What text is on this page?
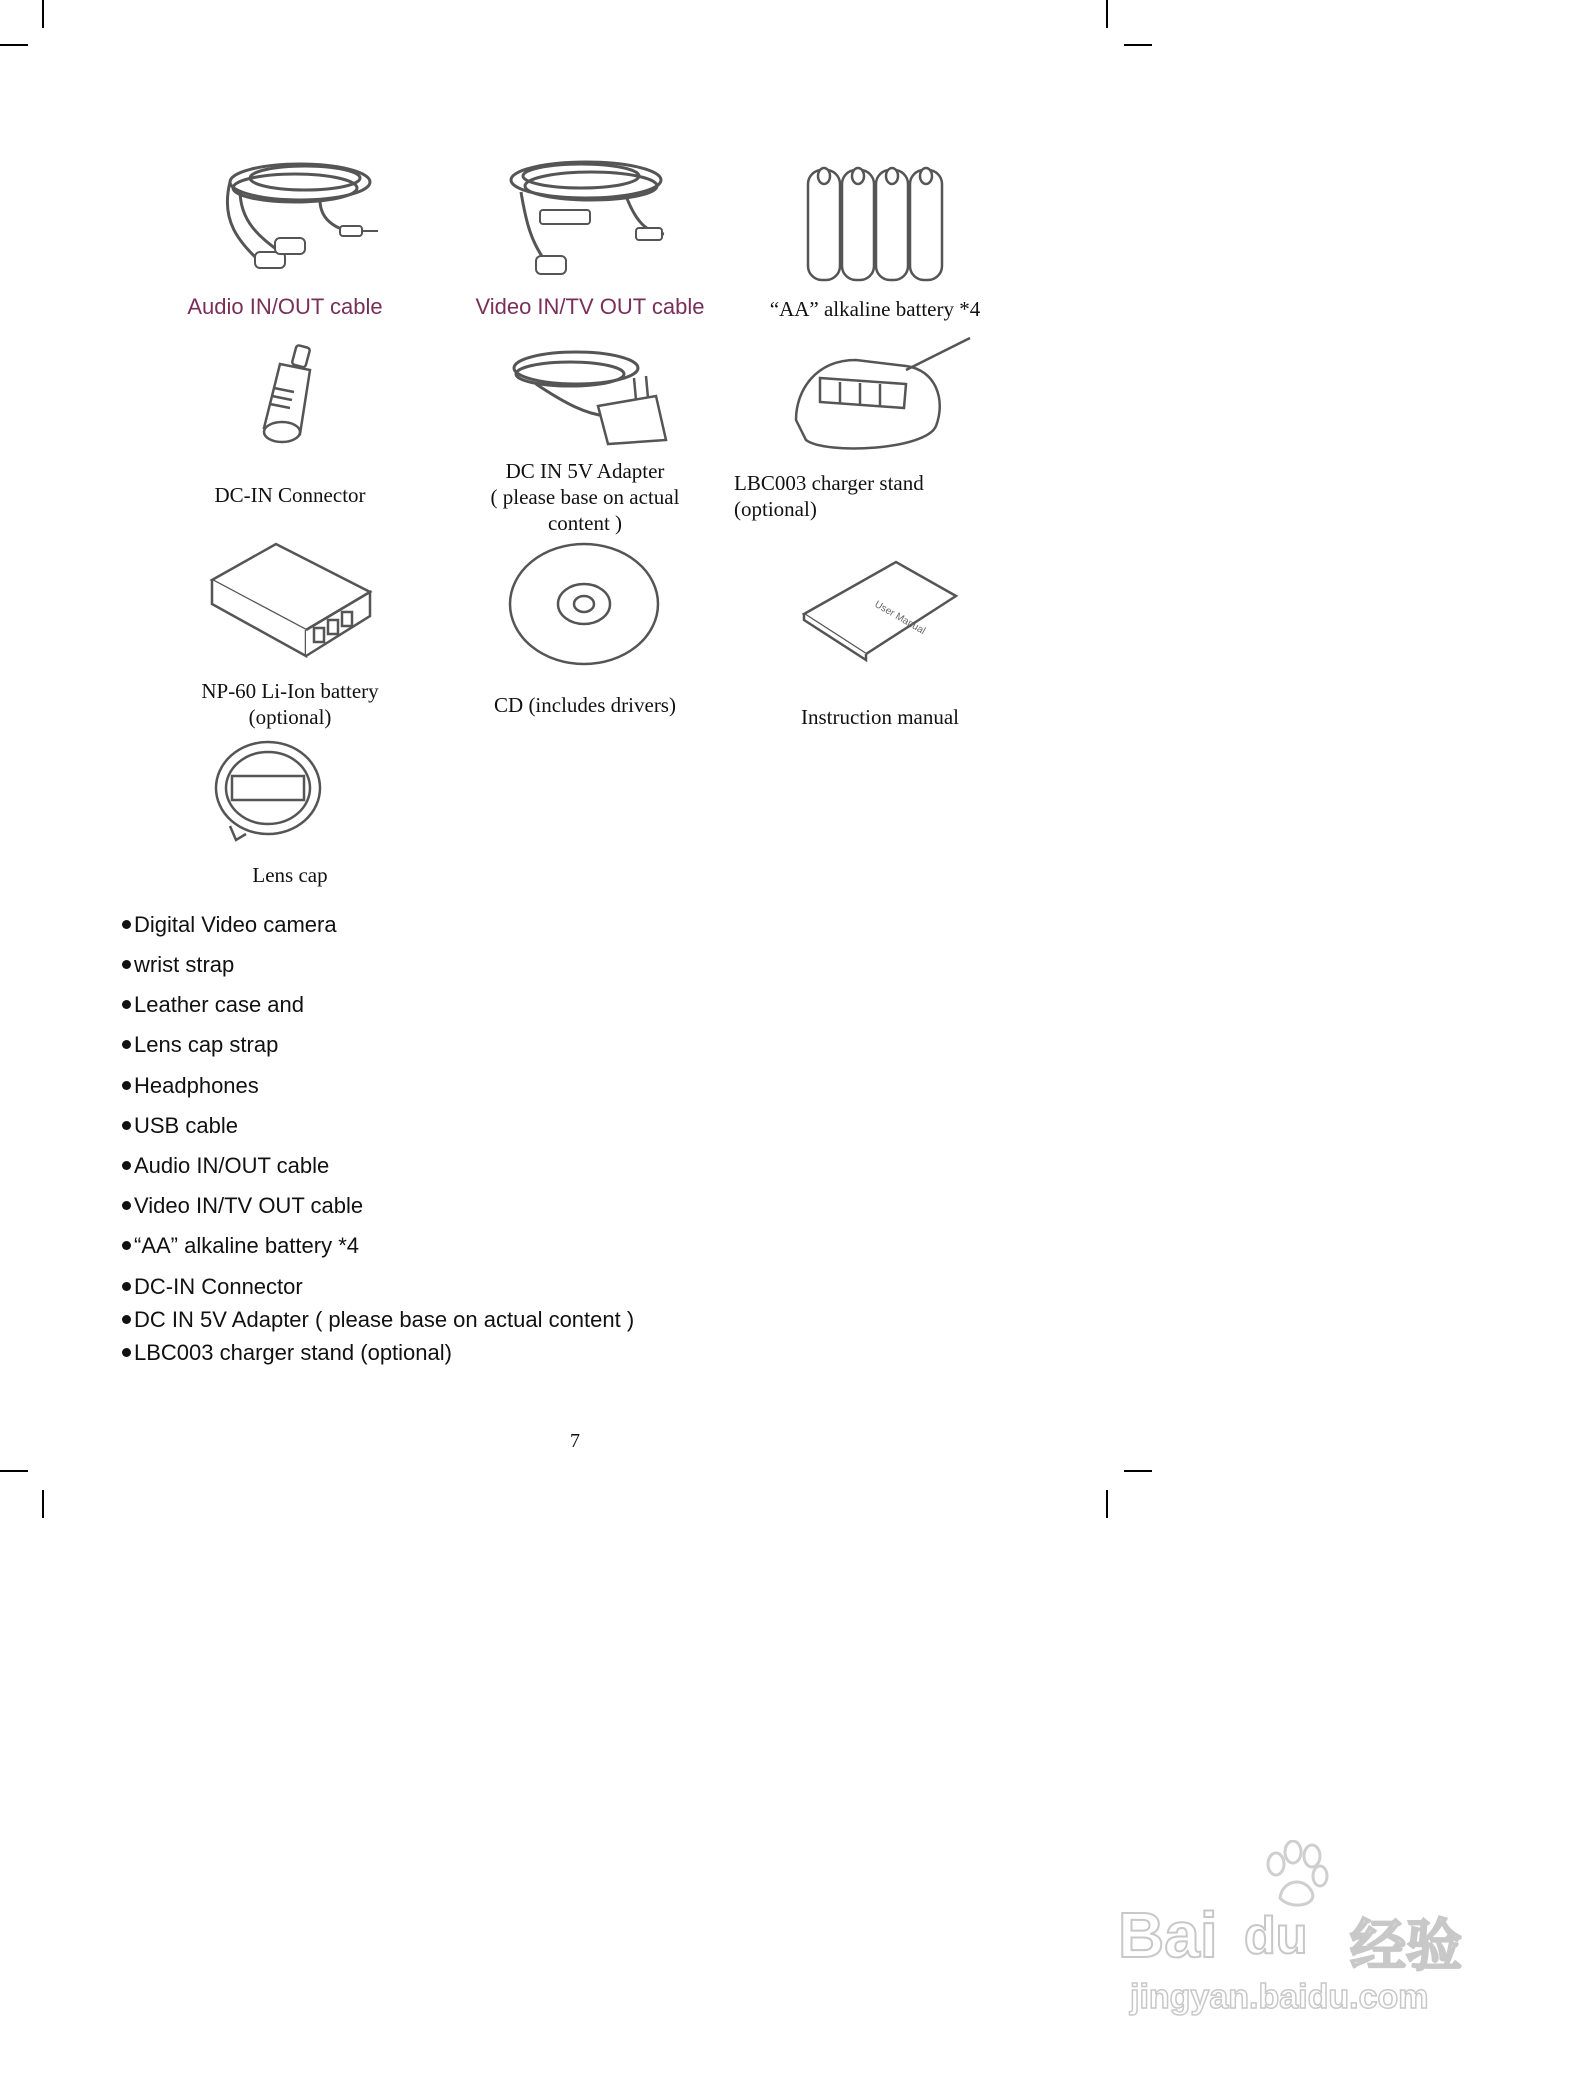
Audio IN/OUT cable	Video IN/TV OUT cable	“AA” alkaline battery *4
DC-IN Connector
DC IN 5V Adapter
( please base on actual
content )
LBC003 charger stand
(optional)
NP-60 Li-Ion battery
(optional)	CD (includes drivers)
User Manual
Instruction manual
Lens cap
Digital Video camera
wrist strap
Leather case and
Lens cap strap
Headphones
USB cable
Audio IN/OUT cable
Video IN/TV OUT cable
“AA” alkaline battery *4
DC-IN Connector
DC IN 5V Adapter ( please base on actual content )
LBC003 charger stand (optional)
7
Bai du 经验
jingyan.baidu.com
